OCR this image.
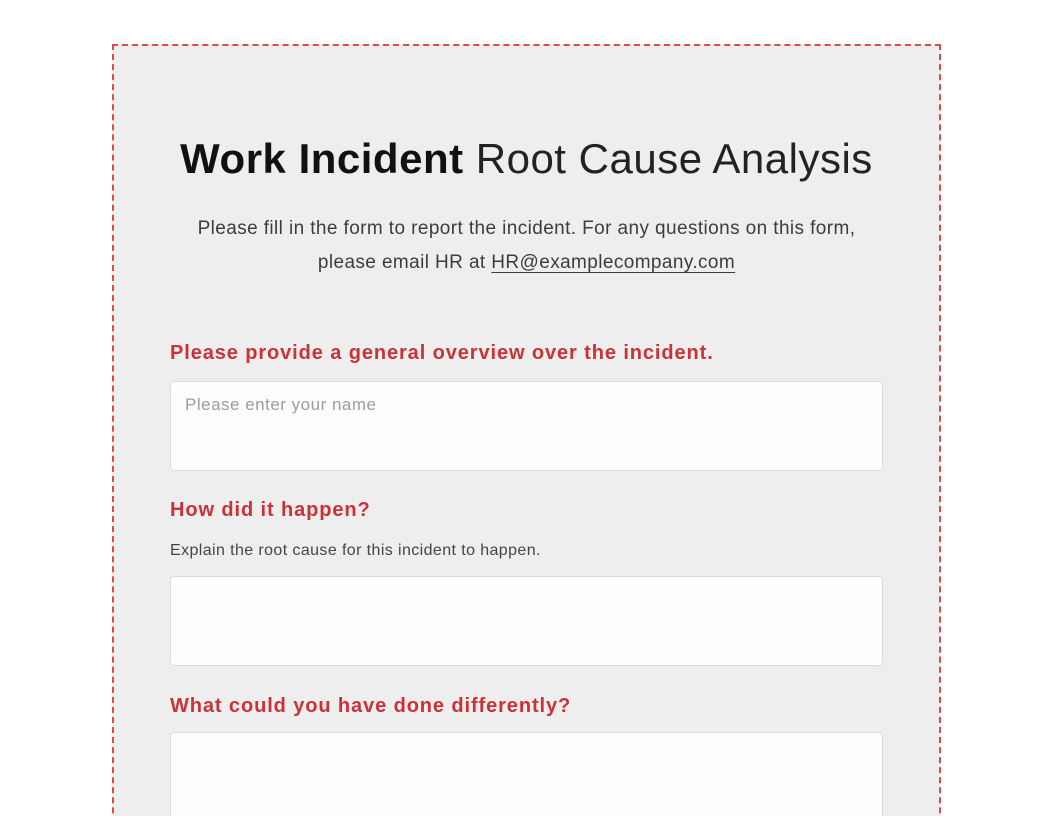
Work Incident Root Cause Analysis

Please fill in the form to report the incident. For any questions on this form, please email HR at HR@examplecompany.com

Please provide a general overview over the incident.
Please enter your name
How did it happen?

Explain the root cause for this incident to happen.

What could you have done differently?
